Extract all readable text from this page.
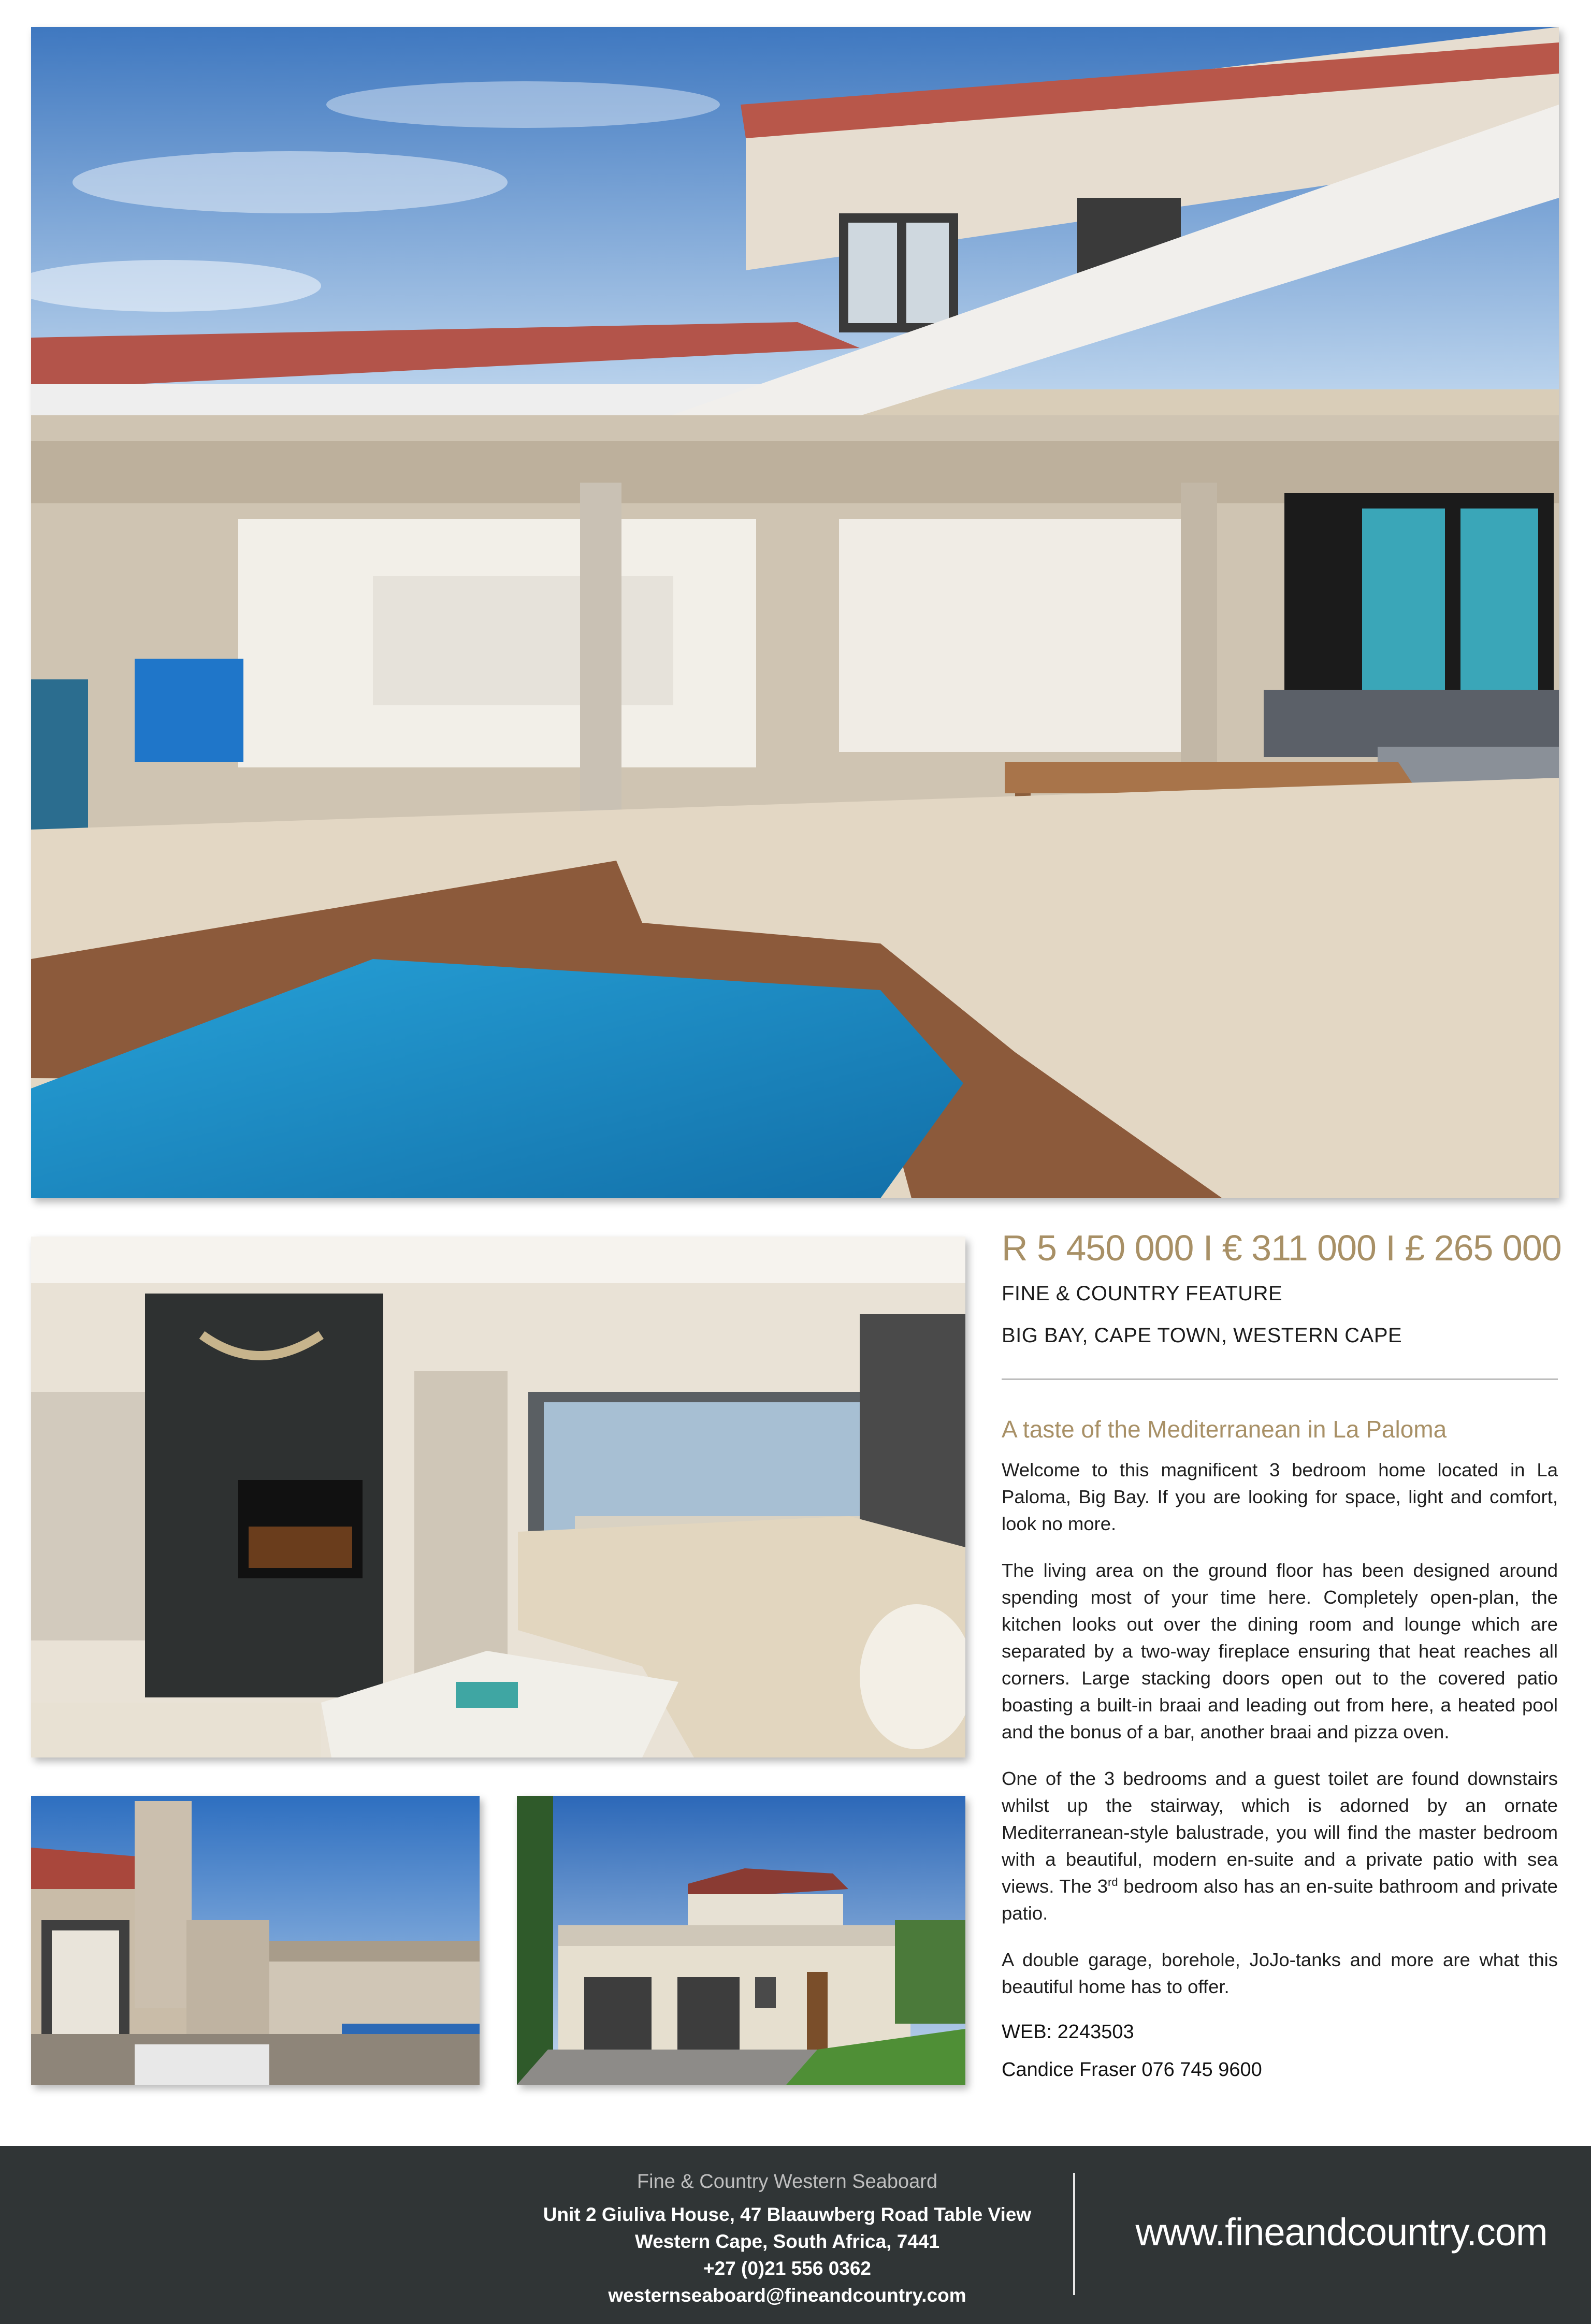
R 5 450 000 I € 311 000 I £ 265 000

FINE & COUNTRY FEATURE

BIG BAY, CAPE TOWN, WESTERN CAPE

A taste of the Mediterranean in La Paloma

Welcome to this magnificent 3 bedroom home located in La Paloma, Big Bay. If you are looking for space, light and comfort, look no more.

The living area on the ground floor has been designed around spending most of your time here. Completely open-plan, the kitchen looks out over the dining room and lounge which are separated by a two-way fireplace ensuring that heat reaches all corners. Large stacking doors open out to the covered patio boasting a built-in braai and leading out from here, a heated pool and the bonus of a bar, another braai and pizza oven.

One of the 3 bedrooms and a guest toilet are found downstairs whilst up the stairway, which is adorned by an ornate Mediterranean-style balustrade, you will find the master bedroom with a beautiful, modern en-suite and a private patio with sea views. The 3rd bedroom also has an en-suite bathroom and private patio.

A double garage, borehole, JoJo-tanks and more are what this beautiful home has to offer.

WEB: 2243503

Candice Fraser 076 745 9600

Fine & Country Western Seaboard

Unit 2 Giuliva House, 47 Blaauwberg Road Table View

Western Cape, South Africa, 7441

+27 (0)21 556 0362

westernseaboard@fineandcountry.com

www.fineandcountry.com
